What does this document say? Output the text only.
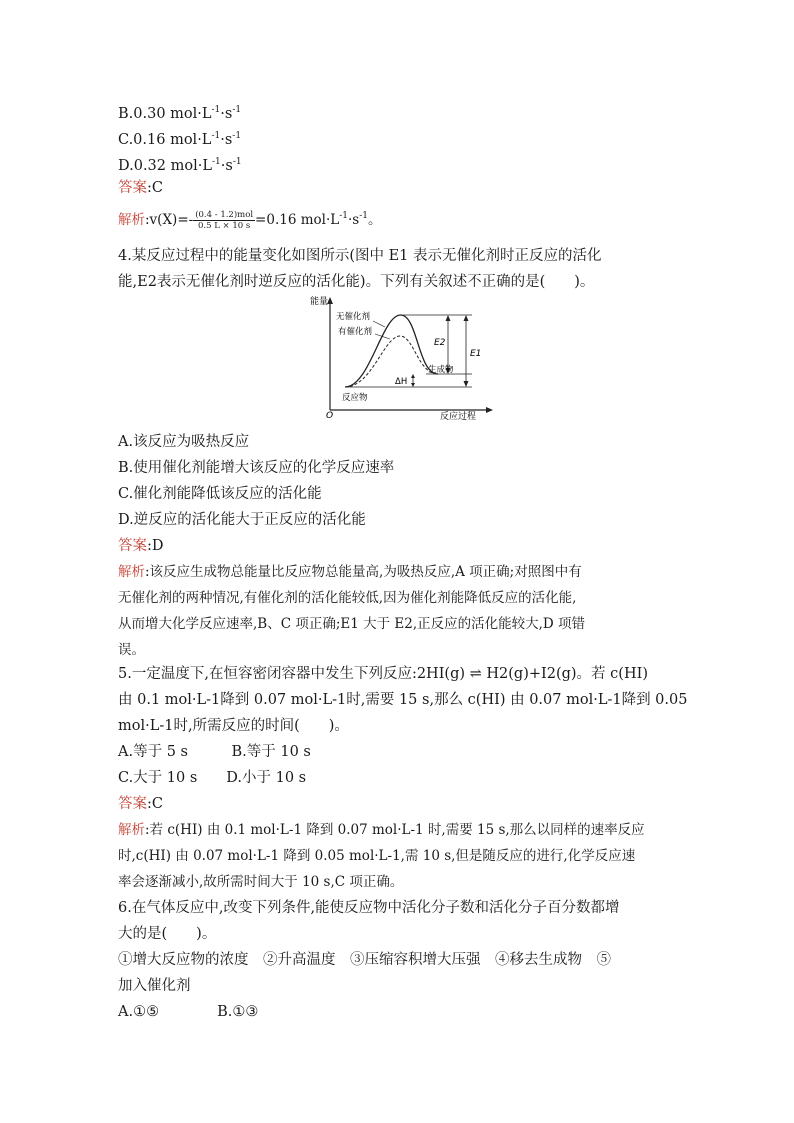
B.0.30 $mol\cdot L^{-1}\cdot s^{-1}$
C.0.16 $mol\cdot L^{-1}\cdot s^{-1}$
D.0.32 $mol\cdot L^{-1}\cdot s^{-1}$
答案:C
解析:v(X)=- $\frac{\text{(0.4 - 1.2)mol}}{0.5 L \times 10 s} =0.16$ $mol\cdot L^{-1}\cdot s^{-1}$。
4.某反应过程中的能量变化如图所示(图中 E1 表示无催化剂时正反应的活化
能,E2表示无催化剂时逆反应的活化能)。下列有关叙述不正确的是(　　)。
能量
O	反应过程
无催化剂
有催化剂
E2
E1
ΔH
生成物
反应物
A.该反应为吸热反应
B.使用催化剂能增大该反应的化学反应速率
C.催化剂能降低该反应的活化能
D.逆反应的活化能大于正反应的活化能
答案:D
解析:该反应生成物总能量比反应物总能量高,为吸热反应,A 项正确;对照图中有
无催化剂的两种情况,有催化剂的活化能较低,因为催化剂能降低反应的活化能,
从而增大化学反应速率,B、C 项正确;E1 大于 E2,正反应的活化能较大,D 项错
误。
5.一定温度下,在恒容密闭容器中发生下列反应:2HI(g) ⇌ H2(g)+I2(g)。若 c(HI)
由 0.1 mol·L-1降到 0.07 mol·L-1时,需要 15 s,那么 c(HI) 由 0.07 mol·L-1降到 0.05
mol·L-1时,所需反应的时间(　　)。
A.等于 5 s　　　B.等于 10 s
C.大于 10 s　　D.小于 10 s
答案:C
解析:若 c(HI) 由 0.1 mol·L-1 降到 0.07 mol·L-1 时,需要 15 s,那么以同样的速率反应
时,c(HI) 由 0.07 mol·L-1 降到 0.05 mol·L-1,需 10 s,但是随反应的进行,化学反应速
率会逐渐减小,故所需时间大于 10 s,C 项正确。
6.在气体反应中,改变下列条件,能使反应物中活化分子数和活化分子百分数都增
大的是(　　)。
①增大反应物的浓度　②升高温度　③压缩容积增大压强　④移去生成物　⑤
加入催化剂
A.①⑤　　　　B.①③
